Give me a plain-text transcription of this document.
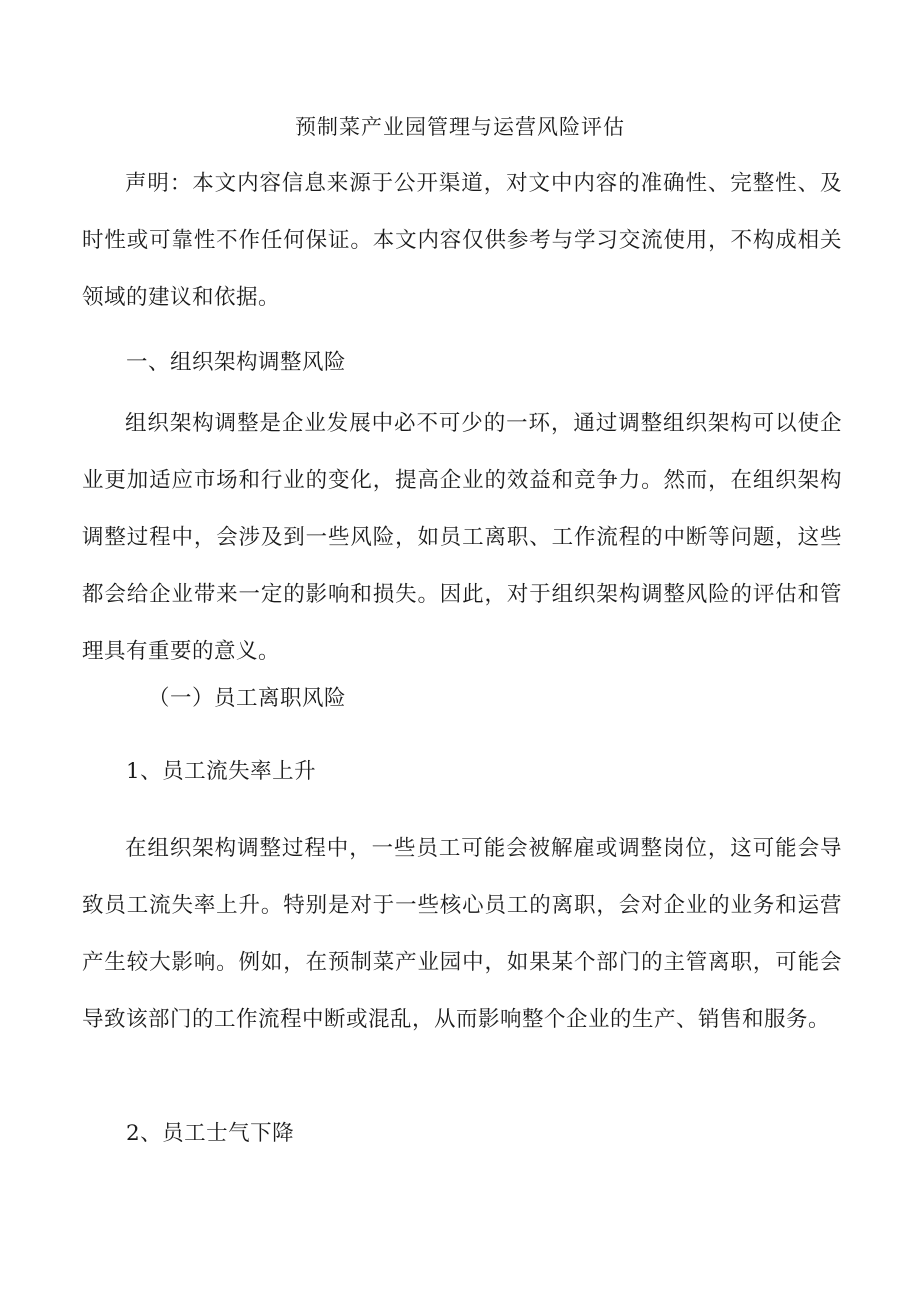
预制菜产业园管理与运营风险评估

声明：本文内容信息来源于公开渠道，对文中内容的准确性、完整性、及时性或可靠性不作任何保证。本文内容仅供参考与学习交流使用，不构成相关领域的建议和依据。

一、组织架构调整风险

组织架构调整是企业发展中必不可少的一环，通过调整组织架构可以使企业更加适应市场和行业的变化，提高企业的效益和竞争力。然而，在组织架构调整过程中，会涉及到一些风险，如员工离职、工作流程的中断等问题，这些都会给企业带来一定的影响和损失。因此，对于组织架构调整风险的评估和管理具有重要的意义。

（一）员工离职风险
1、员工流失率上升

在组织架构调整过程中，一些员工可能会被解雇或调整岗位，这可能会导致员工流失率上升。特别是对于一些核心员工的离职，会对企业的业务和运营产生较大影响。例如，在预制菜产业园中，如果某个部门的主管离职，可能会导致该部门的工作流程中断或混乱，从而影响整个企业的生产、销售和服务。

2、员工士气下降
